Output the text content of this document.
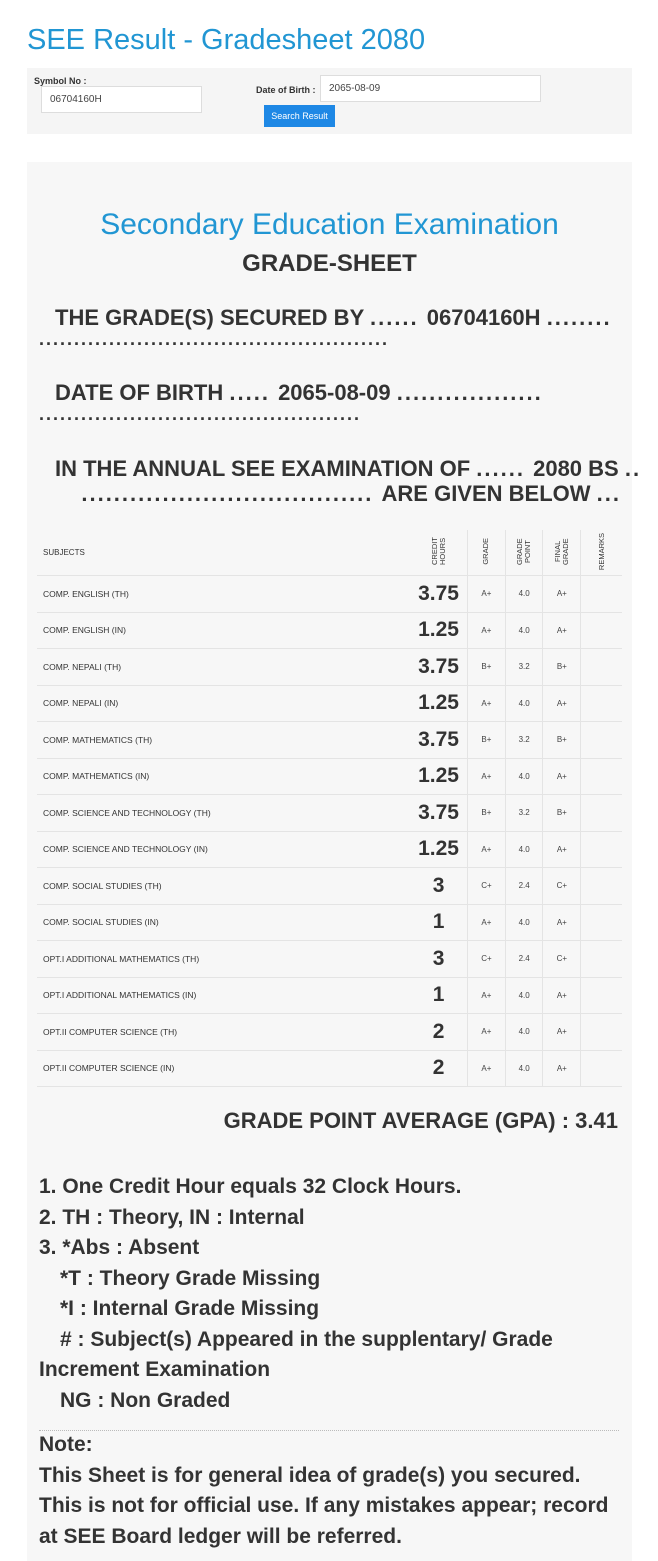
SEE Result - Gradesheet 2080
Symbol No :
06704160H
Date of Birth :
2065-08-09
Search Result
Secondary Education Examination
GRADE-SHEET
THE GRADE(S) SECURED BY ...... 06704160H ........
..................................................
DATE OF BIRTH ..... 2065-08-09 ..................
..............................................
IN THE ANNUAL SEE EXAMINATION OF ...... 2080 BS ..
.................................... ARE GIVEN BELOW ...
SUBJECTS	CREDIT HOURS	GRADE	GRADE POINT	FINAL GRADE	REMARKS
COMP. ENGLISH (TH)	3.75	A+	4.0	A+	
COMP. ENGLISH (IN)	1.25	A+	4.0	A+	
COMP. NEPALI (TH)	3.75	B+	3.2	B+	
COMP. NEPALI (IN)	1.25	A+	4.0	A+	
COMP. MATHEMATICS (TH)	3.75	B+	3.2	B+	
COMP. MATHEMATICS (IN)	1.25	A+	4.0	A+	
COMP. SCIENCE AND TECHNOLOGY (TH)	3.75	B+	3.2	B+	
COMP. SCIENCE AND TECHNOLOGY (IN)	1.25	A+	4.0	A+	
COMP. SOCIAL STUDIES (TH)	3	C+	2.4	C+	
COMP. SOCIAL STUDIES (IN)	1	A+	4.0	A+	
OPT.I ADDITIONAL MATHEMATICS (TH)	3	C+	2.4	C+	
OPT.I ADDITIONAL MATHEMATICS (IN)	1	A+	4.0	A+	
OPT.II COMPUTER SCIENCE (TH)	2	A+	4.0	A+	
OPT.II COMPUTER SCIENCE (IN)	2	A+	4.0	A+	
GRADE POINT AVERAGE (GPA) : 3.41
1. One Credit Hour equals 32 Clock Hours.
2. TH : Theory, IN : Internal
3. *Abs : Absent
*T : Theory Grade Missing
*I : Internal Grade Missing
# : Subject(s) Appeared in the supplentary/ Grade
Increment Examination
NG : Non Graded
Note:
This Sheet is for general idea of grade(s) you secured. This is not for official use. If any mistakes appear; record at SEE Board ledger will be referred.
